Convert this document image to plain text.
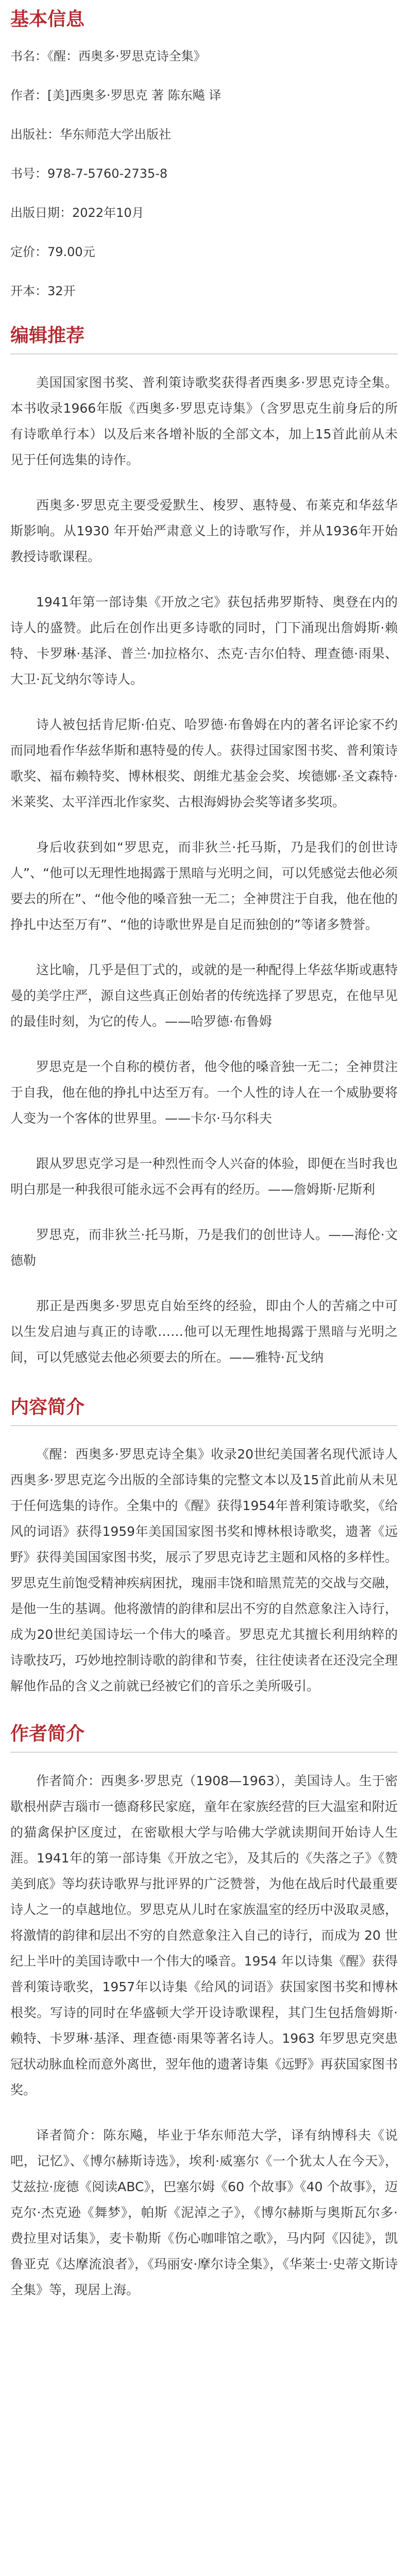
基本信息
书名：《醒：西奥多·罗思克诗全集》
作者：[美]西奥多·罗思克 著 陈东飚 译
出版社：华东师范大学出版社
书号：978-7-5760-2735-8
出版日期：2022年10月
定价：79.00元
开本：32开
编辑推荐

美国国家图书奖、普利策诗歌奖获得者西奥多·罗思克诗全集。本书收录1966年版《西奥多·罗思克诗集》（含罗思克生前身后的所有诗歌单行本）以及后来各增补版的全部文本，加上15首此前从未见于任何选集的诗作。

西奥多·罗思克主要受爱默生、梭罗、惠特曼、布莱克和华兹华斯影响。从1930 年开始严肃意义上的诗歌写作，并从1936年开始教授诗歌课程。

1941年第一部诗集《开放之宅》获包括弗罗斯特、奥登在内的诗人的盛赞。此后在创作出更多诗歌的同时，门下涌现出詹姆斯·赖特、卡罗琳·基泽、普兰·加拉格尔、杰克·吉尔伯特、理查德·雨果、大卫·瓦戈纳尔等诗人。

诗人被包括肯尼斯·伯克、哈罗德·布鲁姆在内的著名评论家不约而同地看作华兹华斯和惠特曼的传人。获得过国家图书奖、普利策诗歌奖、福布赖特奖、博林根奖、朗维尤基金会奖、埃德娜·圣文森特·米莱奖、太平洋西北作家奖、古根海姆协会奖等诸多奖项。

身后收获到如“罗思克，而非狄兰·托马斯，乃是我们的创世诗人”、“他可以无理性地揭露于黑暗与光明之间，可以凭感觉去他必须要去的所在”、“他令他的嗓音独一无二；全神贯注于自我，他在他的挣扎中达至万有”、“他的诗歌世界是自足而独创的”等诸多赞誉。

这比喻，几乎是但丁式的，或就的是一种配得上华兹华斯或惠特曼的美学庄严，源自这些真正创始者的传统选择了罗思克，在他早见的最佳时刻，为它的传人。——哈罗德·布鲁姆

罗思克是一个自称的模仿者，他令他的嗓音独一无二；全神贯注于自我，他在他的挣扎中达至万有。一个人性的诗人在一个威胁要将人变为一个客体的世界里。——卡尔·马尔科夫

跟从罗思克学习是一种烈性而令人兴奋的体验，即便在当时我也明白那是一种我很可能永远不会再有的经历。——詹姆斯·尼斯利

罗思克，而非狄兰·托马斯，乃是我们的创世诗人。——海伦·文德勒

那正是西奥多·罗思克自始至终的经验，即由个人的苦痛之中可以生发启迪与真正的诗歌……他可以无理性地揭露于黑暗与光明之间，可以凭感觉去他必须要去的所在。——雅特·瓦戈纳

内容简介

《醒：西奥多·罗思克诗全集》收录20世纪美国著名现代派诗人西奥多·罗思克迄今出版的全部诗集的完整文本以及15首此前从未见于任何选集的诗作。全集中的《醒》获得1954年普利策诗歌奖，《给风的词语》获得1959年美国国家图书奖和博林根诗歌奖，遗著《远野》获得美国国家图书奖，展示了罗思克诗艺主题和风格的多样性。罗思克生前饱受精神疾病困扰，瑰丽丰饶和暗黑荒芜的交战与交融，是他一生的基调。他将激情的韵律和层出不穷的自然意象注入诗行，成为20世纪美国诗坛一个伟大的嗓音。罗思克尤其擅长利用纳粹的诗歌技巧，巧妙地控制诗歌的韵律和节奏，往往使读者在还没完全理解他作品的含义之前就已经被它们的音乐之美所吸引。

作者简介

作者简介：西奥多·罗思克（1908—1963），美国诗人。生于密歇根州萨吉瑙市一德裔移民家庭，童年在家族经营的巨大温室和附近的猫禽保护区度过，在密歇根大学与哈佛大学就读期间开始诗人生涯。1941年的第一部诗集《开放之宅》，及其后的《失落之子》《赞美到底》等均获诗歌界与批评界的广泛赞誉，为他在战后时代最重要诗人之一的卓越地位。罗思克从儿时在家族温室的经历中汲取灵感，将激情的韵律和层出不穷的自然意象注入自己的诗行，而成为 20 世纪上半叶的美国诗歌中一个伟大的嗓音。1954 年以诗集《醒》获得普利策诗歌奖，1957年以诗集《给风的词语》获国家图书奖和博林根奖。写诗的同时在华盛顿大学开设诗歌课程，其门生包括詹姆斯·赖特、卡罗琳·基泽、理查德·雨果等著名诗人。1963 年罗思克突患冠状动脉血栓而意外离世，翌年他的遗著诗集《远野》再获国家图书奖。

译者简介：陈东飚，毕业于华东师范大学，译有纳博科夫《说吧，记忆》、《博尔赫斯诗选》，埃利·威塞尔《一个犹太人在今天》，艾兹拉·庞德《阅读ABC》，巴塞尔姆《60 个故事》《40 个故事》，迈克尔·杰克逊《舞梦》，帕斯《泥淖之子》，《博尔赫斯与奥斯瓦尔多·费拉里对话集》，麦卡勒斯《伤心咖啡馆之歌》，马内阿《囚徒》，凯鲁亚克《达摩流浪者》，《玛丽安·摩尔诗全集》，《华莱士·史蒂文斯诗全集》等，现居上海。
